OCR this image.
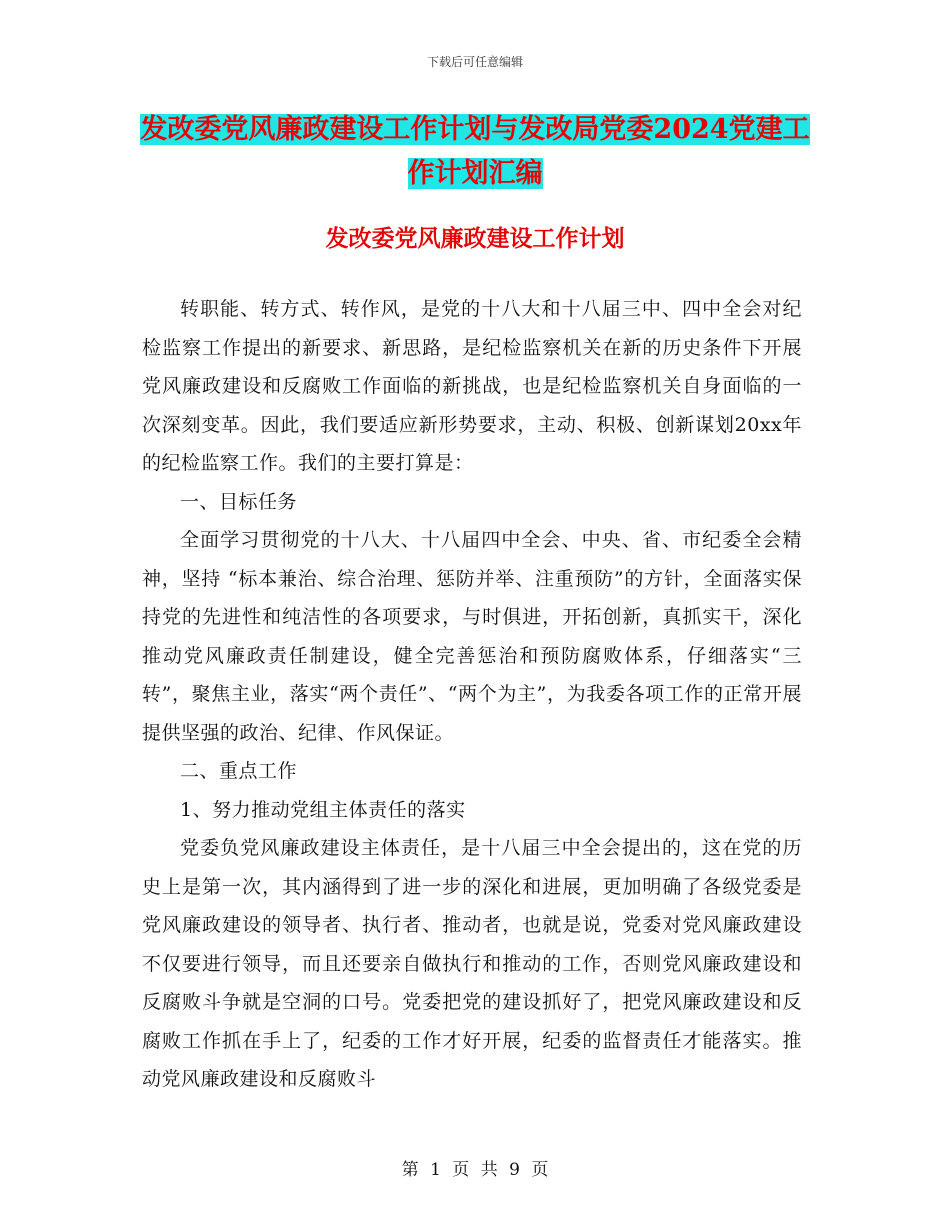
下载后可任意编辑
发改委党风廉政建设工作计划与发改局党委2024党建工作计划汇编
发改委党风廉政建设工作计划

转职能、转方式、转作风，是党的十八大和十八届三中、四中全会对纪检监察工作提出的新要求、新思路，是纪检监察机关在新的历史条件下开展党风廉政建设和反腐败工作面临的新挑战，也是纪检监察机关自身面临的一次深刻变革。因此，我们要适应新形势要求，主动、积极、创新谋划20xx年的纪检监察工作。我们的主要打算是：

一、目标任务

全面学习贯彻党的十八大、十八届四中全会、中央、省、市纪委全会精神，坚持 “标本兼治、综合治理、惩防并举、注重预防”的方针，全面落实保持党的先进性和纯洁性的各项要求，与时俱进，开拓创新，真抓实干，深化推动党风廉政责任制建设，健全完善惩治和预防腐败体系，仔细落实“三转”，聚焦主业，落实“两个责任”、“两个为主”，为我委各项工作的正常开展提供坚强的政治、纪律、作风保证。

二、重点工作

1、努力推动党组主体责任的落实

党委负党风廉政建设主体责任，是十八届三中全会提出的，这在党的历史上是第一次，其内涵得到了进一步的深化和进展，更加明确了各级党委是党风廉政建设的领导者、执行者、推动者，也就是说，党委对党风廉政建设不仅要进行领导，而且还要亲自做执行和推动的工作，否则党风廉政建设和反腐败斗争就是空洞的口号。党委把党的建设抓好了，把党风廉政建设和反腐败工作抓在手上了，纪委的工作才好开展，纪委的监督责任才能落实。推动党风廉政建设和反腐败斗

第 1 页 共 9 页
